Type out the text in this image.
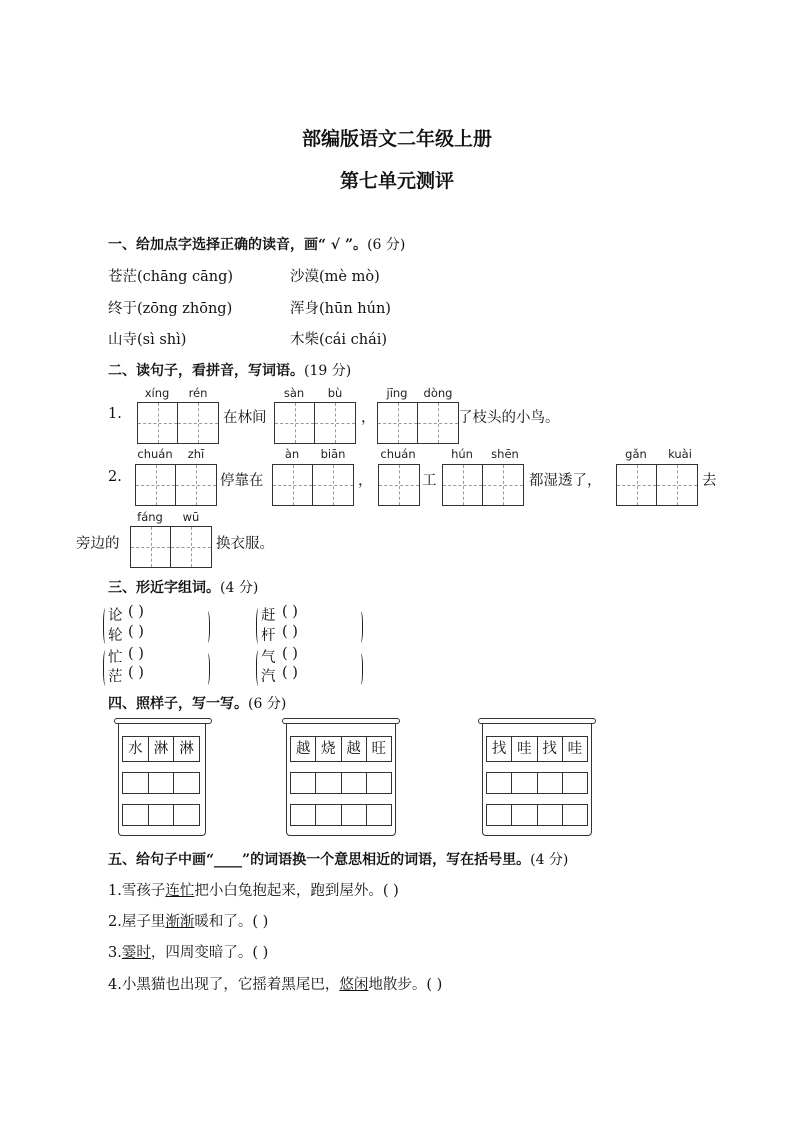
部编版语文二年级上册
第七单元测评
一、给加点字选择正确的读音，画“ √ ”。(6 分)
苍茫(chāng cāng)	沙漠(mè mò)
终于(zōng zhōng)	浑身(hūn hún)
山寺(sì shì)	木柴(cái chái)
二、读句子，看拼音，写词语。(19 分)
1.
xíng	rén
在林间
sàn	bù
，
jīng	dòng
了枝头的小鸟。
2.
chuán	zhī
停靠在
àn	biān
，
chuán
工
hún	shēn
都湿透了，
gǎn	kuài
去
旁边的
fáng	wū
换衣服。
三、形近字组词。(4 分)
论 ( )
轮 ( )
赶 ( )
杆 ( )
忙 ( )
茫 ( )
气 ( )
汽 ( )
四、照样子，写一写。(6 分)
水 淋 淋	越 烧 越 旺	找 哇 找 哇
五、给句子中画“____”的词语换一个意思相近的词语，写在括号里。(4 分)
1.雪孩子连忙把小白兔抱起来，跑到屋外。( )
2.屋子里渐渐暖和了。( )
3.霎时，四周变暗了。( )
4.小黑猫也出现了，它摇着黑尾巴，悠闲地散步。( )
